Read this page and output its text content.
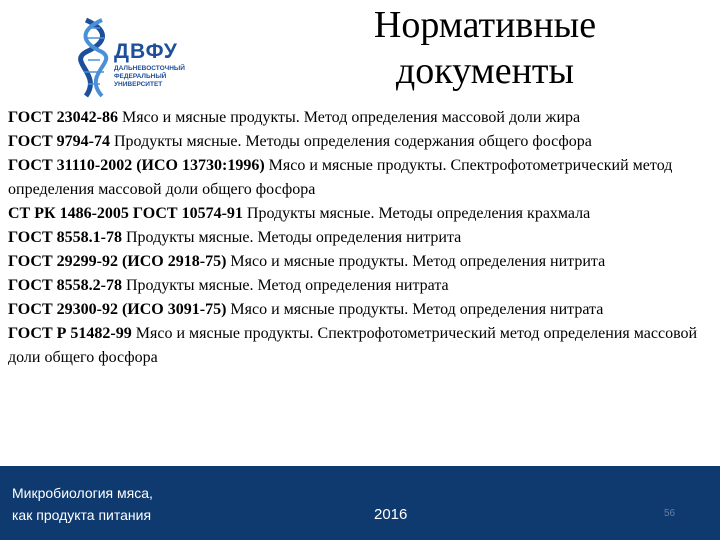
ДВФУ
ДАЛЬНЕВОСТОЧНЫЙ
ФЕДЕРАЛЬНЫЙ
УНИВЕРСИТЕТ
Нормативные
документы
ГОСТ 23042-86 Мясо и мясные продукты. Метод определения массовой доли жира
ГОСТ 9794-74 Продукты мясные. Методы определения содержания общего фосфора
ГОСТ 31110-2002 (ИСО 13730:1996) Мясо и мясные продукты. Спектрофотометрический метод определения массовой доли общего фосфора
СТ РК 1486-2005 ГОСТ 10574-91 Продукты мясные. Методы определения крахмала
ГОСТ 8558.1-78 Продукты мясные. Методы определения нитрита
ГОСТ 29299-92 (ИСО 2918-75) Мясо и мясные продукты. Метод определения нитрита
ГОСТ 8558.2-78 Продукты мясные. Метод определения нитрата
ГОСТ 29300-92 (ИСО 3091-75) Мясо и мясные продукты. Метод определения нитрата
ГОСТ Р 51482-99 Мясо и мясные продукты. Спектрофотометрический метод определения массовой доли общего фосфора
Микробиология мяса,
как продукта питания	2016	56
